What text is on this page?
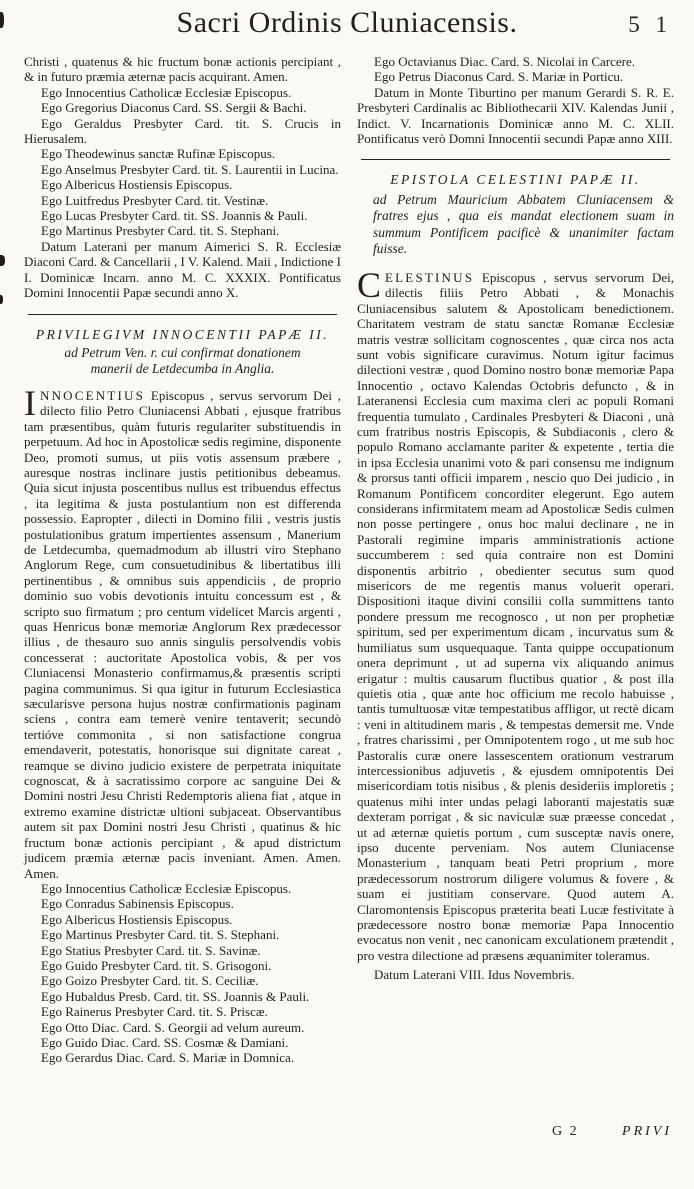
Sacri Ordinis Cluniacensis.	5 1

Christi , quatenus & hic fructum bonæ actionis percipiant , & in futuro præmia æternæ pacis acquirant. Amen.

Ego Innocentius Catholicæ Ecclesiæ Episcopus.

Ego Gregorius Diaconus Card. SS. Sergii & Bachi.

Ego Geraldus Presbyter Card. tit. S. Crucis in Hierusalem.

Ego Theodewinus sanctæ Rufinæ Episcopus.

Ego Anselmus Presbyter Card. tit. S. Laurentii in Lucina.

Ego Albericus Hostiensis Episcopus.

Ego Luitfredus Presbyter Card. tit. Vestinæ.

Ego Lucas Presbyter Card. tit. SS. Joannis & Pauli.

Ego Martinus Presbyter Card. tit. S. Stephani.

Datum Laterani per manum Aimerici S. R. Ecclesiæ Diaconi Card. & Cancellarii , I V. Kalend. Maii , Indictione I I. Dominicæ Incarn. anno M. C. XXXIX. Pontificatus Domini Innocentii Papæ secundi anno X.

PRIVILEGIVM INNOCENTII PAPÆ II.
ad Petrum Ven. r. cui confirmat donationem
manerii de Letdecumba in Anglia.

INNOCENTIUS Episcopus , servus servorum Dei , dilecto filio Petro Cluniacensi Abbati , ejusque fratribus tam præsentibus, quàm futuris regulariter substituendis in perpetuum. Ad hoc in Apostolicæ sedis regimine, disponente Deo, promoti sumus, ut piis votis assensum præbere , auresque nostras inclinare justis petitionibus debeamus. Quia sicut injusta poscentibus nullus est tribuendus effectus , ita legitima & justa postulantium non est differenda possessio. Eapropter , dilecti in Domino filii , vestris justis postulationibus gratum impertientes assensum , Manerium de Letdecumba, quemadmodum ab illustri viro Stephano Anglorum Rege, cum consuetudinibus & libertatibus illi pertinentibus , & omnibus suis appendiciis , de proprio dominio suo vobis devotionis intuitu concessum est , & scripto suo firmatum ; pro centum videlicet Marcis argenti , quas Henricus bonæ memoriæ Anglorum Rex prædecessor illius , de thesauro suo annis singulis persolvendis vobis concesserat : auctoritate Apostolica vobis, & per vos Cluniacensi Monasterio confirmamus,& præsentis scripti pagina communimus. Si qua igitur in futurum Ecclesiastica sæcularisve persona hujus nostræ confirmationis paginam sciens , contra eam temerè venire tentaverit; secundò tertióve commonita , si non satisfactione congrua emendaverit, potestatis, honorisque sui dignitate careat , reamque se divino judicio existere de perpetrata iniquitate cognoscat, & à sacratissimo corpore ac sanguine Dei & Domini nostri Jesu Christi Redemptoris aliena fiat , atque in extremo examine districtæ ultioni subjaceat. Observantibus autem sit pax Domini nostri Jesu Christi , quatinus & hic fructum bonæ actionis percipiant , & apud districtum judicem præmia æternæ pacis inveniant. Amen. Amen. Amen.

Ego Innocentius Catholicæ Ecclesiæ Episcopus.

Ego Conradus Sabinensis Episcopus.

Ego Albericus Hostiensis Episcopus.

Ego Martinus Presbyter Card. tit. S. Stephani.

Ego Statius Presbyter Card. tit. S. Savinæ.

Ego Guido Presbyter Card. tit. S. Grisogoni.

Ego Goizo Presbyter Card. tit. S. Ceciliæ.

Ego Hubaldus Presb. Card. tit. SS. Joannis & Pauli.

Ego Rainerus Presbyter Card. tit. S. Priscæ.

Ego Otto Diac. Card. S. Georgii ad velum aureum.

Ego Guido Diac. Card. SS. Cosmæ & Damiani.

Ego Gerardus Diac. Card. S. Mariæ in Domnica.

Ego Octavianus Diac. Card. S. Nicolai in Carcere.

Ego Petrus Diaconus Card. S. Mariæ in Porticu.

Datum in Monte Tiburtino per manum Gerardi S. R. E. Presbyteri Cardinalis ac Bibliothecarii XIV. Kalendas Junii , Indict. V. Incarnationis Dominicæ anno M. C. XLII. Pontificatus verò Domni Innocentii secundi Papæ anno XIII.

EPISTOLA CELESTINI PAPÆ II.
ad Petrum Mauricium Abbatem Cluniacensem & fratres ejus , qua eis mandat electionem suam in summum Pontificem pacificè & unanimiter factam fuisse.

CELESTINUS Episcopus , servus servorum Dei, dilectis filiis Petro Abbati , & Monachis Cluniacensibus salutem & Apostolicam benedictionem. Charitatem vestram de statu sanctæ Romanæ Ecclesiæ matris vestræ sollicitam cognoscentes , quæ circa nos acta sunt vobis significare curavimus. Notum igitur facimus dilectioni vestræ , quod Domino nostro bonæ memoriæ Papa Innocentio , octavo Kalendas Octobris defuncto , & in Lateranensi Ecclesia cum maxima cleri ac populi Romani frequentia tumulato , Cardinales Presbyteri & Diaconi , unà cum fratribus nostris Episcopis, & Subdiaconis , clero & populo Romano acclamante pariter & expetente , tertia die in ipsa Ecclesia unanimi voto & pari consensu me indignum & prorsus tanti officii imparem , nescio quo Dei judicio , in Romanum Pontificem concorditer elegerunt. Ego autem considerans infirmitatem meam ad Apostolicæ Sedis culmen non posse pertingere , onus hoc malui declinare , ne in Pastorali regimine imparis amministrationis actione succumberem : sed quia contraire non est Domini disponentis arbitrio , obedienter secutus sum quod misericors de me regentis manus voluerit operari. Dispositioni itaque divini consilii colla summittens tanto pondere pressum me recognosco , ut non per prophetiæ spiritum, sed per experimentum dicam , incurvatus sum & humiliatus sum usquequaque. Tanta quippe occupationum onera deprimunt , ut ad superna vix aliquando animus erigatur : multis causarum fluctibus quatior , & post illa quietis otia , quæ ante hoc officium me recolo habuisse , tantis tumultuosæ vitæ tempestatibus affligor, ut rectè dicam : veni in altitudinem maris , & tempestas demersit me. Vnde , fratres charissimi , per Omnipotentem rogo , ut me sub hoc Pastoralis curæ onere lassescentem orationum vestrarum intercessionibus adjuvetis , & ejusdem omnipotentis Dei misericordiam totis nisibus , & plenis desideriis imploretis ; quatenus mihi inter undas pelagi laboranti majestatis suæ dexteram porrigat , & sic naviculæ suæ præesse concedat , ut ad æternæ quietis portum , cum susceptæ navis onere, ipso ducente perveniam. Nos autem Cluniacense Monasterium , tanquam beati Petri proprium , more prædecessorum nostrorum diligere volumus & fovere , & suam ei justitiam conservare. Quod autem A. Claromontensis Episcopus præterita beati Lucæ festivitate à prædecessore nostro bonæ memoriæ Papa Innocentio evocatus non venit , nec canonicam exculationem prætendit , pro vestra dilectione ad præsens æquanimiter toleramus.

Datum Laterani VIII. Idus Novembris.

G 2	PRIVI
